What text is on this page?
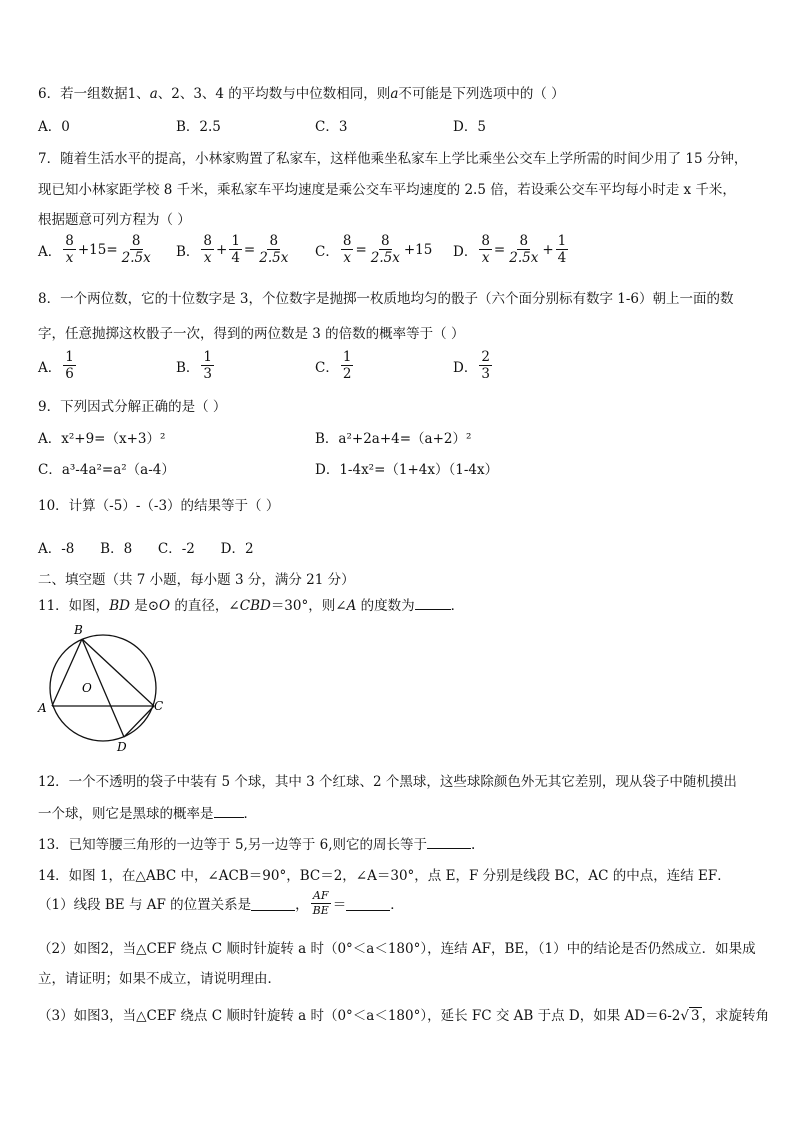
6．若一组数据1、a、2、3、4 的平均数与中位数相同，则a不可能是下列选项中的（ ）
A．0	B．2.5	C．3	D．5
7．随着生活水平的提高，小林家购置了私家车，这样他乘坐私家车上学比乘坐公交车上学所需的时间少用了 15 分钟，
现已知小林家距学校 8 千米，乘私家车平均速度是乘公交车平均速度的 2.5 倍，若设乘公交车平均每小时走 x 千米，
根据题意可列方程为（ ）
A． $\frac{8}{x} +15 = \frac{8}{2.5x}$ B． $\frac{8}{x} + \frac{1}{4} = \frac{8}{2.5x}$ C． $\frac{8}{x} = \frac{8}{2.5x} +15$ D． $\frac{8}{x} = \frac{8}{2.5x} + \frac{1}{4}$
8．一个两位数，它的十位数字是 3，个位数字是抛掷一枚质地均匀的骰子（六个面分别标有数字 1-6）朝上一面的数
字，任意抛掷这枚骰子一次，得到的两位数是 3 的倍数的概率等于（ ）
A． $\frac{1}{6}$	B． $\frac{1}{3}$	C． $\frac{1}{2}$	D． $\frac{2}{3}$
9．下列因式分解正确的是（ ）
A．x²+9=（x+3）²	B．a²+2a+4=（a+2）²
C．a³-4a²=a²（a-4）	D．1-4x²=（1+4x）（1-4x）
10．计算（-5）-（-3）的结果等于（ ）
A．-8      B．8      C．-2      D．2
二、填空题（共 7 小题，每小题 3 分，满分 21 分）
11．如图，BD 是⊙O 的直径，∠CBD＝30°，则∠A 的度数为	．
B
O
A	C
D
12．一个不透明的袋子中装有 5 个球，其中 3 个红球、2 个黑球，这些球除颜色外无其它差别，现从袋子中随机摸出
一个球，则它是黑球的概率是 ．
13．已知等腰三角形的一边等于 5,另一边等于 6,则它的周长等于	.
14．如图 1，在△ABC 中，∠ACB＝90°，BC＝2，∠A＝30°，点 E，F 分别是线段 BC，AC 的中点，连结 EF．
（1）线段 BE 与 AF 的位置关系是	， $\frac{AF}{BE}$ ＝	．
（2）如图2，当△CEF 绕点 C 顺时针旋转 a 时（0°＜a＜180°），连结 AF，BE，（1）中的结论是否仍然成立．如果成
立，请证明；如果不成立，请说明理由．
（3）如图3，当△CEF 绕点 C 顺时针旋转 a 时（0°＜a＜180°），延长 FC 交 AB 于点 D，如果 AD＝6-2√ 3 ，求旋转角
